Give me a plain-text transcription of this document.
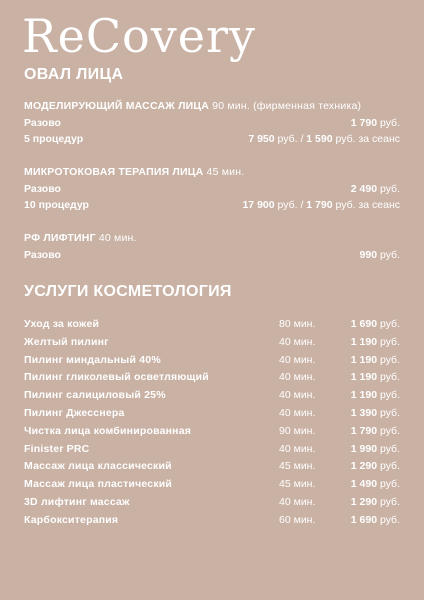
ReCovery
ОВАЛ ЛИЦА
МОДЕЛИРУЮЩИЙ МАССАЖ ЛИЦА 90 мин. (фирменная техника)
Разово	1 790 руб.
5 процедур	7 950 руб. / 1 590 руб. за сеанс
МИКРОТОКОВАЯ ТЕРАПИЯ ЛИЦА 45 мин.
Разово	2 490 руб.
10 процедур	17 900 руб. / 1 790 руб. за сеанс
РФ ЛИФТИНГ 40 мин.
Разово	990 руб.
УСЛУГИ КОСМЕТОЛОГИЯ
Уход за кожей	80 мин.	1 690 руб.
Желтый пилинг	40 мин.	1 190 руб.
Пилинг миндальный 40%	40 мин.	1 190 руб.
Пилинг гликолевый осветляющий	40 мин.	1 190 руб.
Пилинг салициловый 25%	40 мин.	1 190 руб.
Пилинг Джесснера	40 мин.	1 390 руб.
Чистка лица комбинированная	90 мин.	1 790 руб.
Finister PRC	40 мин.	1 990 руб.
Массаж лица классический	45 мин.	1 290 руб.
Массаж лица пластический	45 мин.	1 490 руб.
3D лифтинг массаж	40 мин.	1 290 руб.
Карбокситерапия	60 мин.	1 690 руб.
